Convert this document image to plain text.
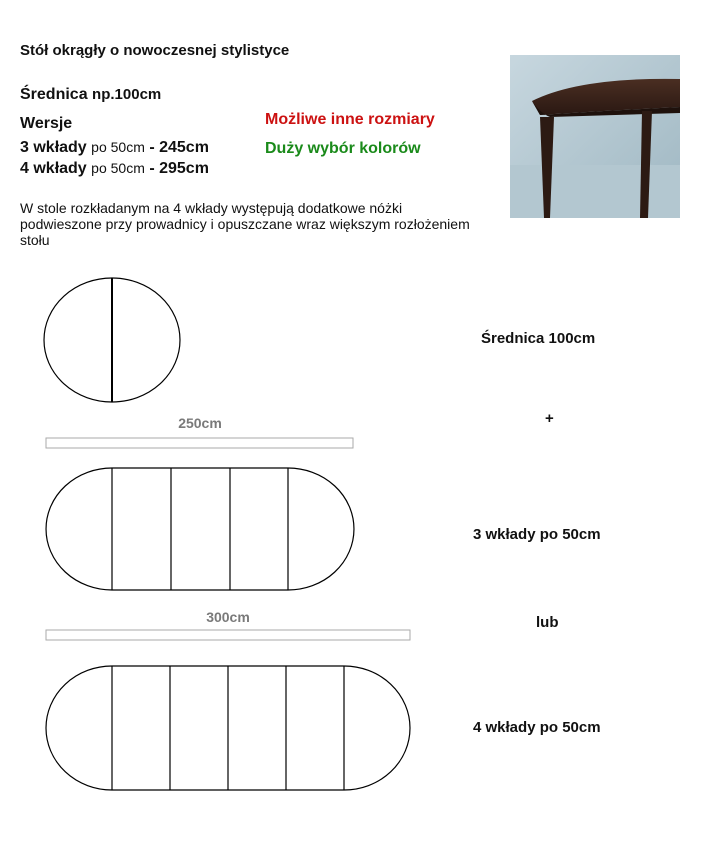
Stół okrągły o nowoczesnej stylistyce
Średnica np.100cm
Wersje
3 wkłady po 50cm - 245cm
4 wkłady po 50cm - 295cm
Możliwe inne rozmiary
Duży wybór kolorów
W stole rozkładanym na 4 wkłady występują dodatkowe nóżki podwieszone przy prowadnicy i opuszczane wraz większym rozłożeniem stołu
250cm
300cm
Średnica 100cm
+
3 wkłady po 50cm
lub
4 wkłady po 50cm
